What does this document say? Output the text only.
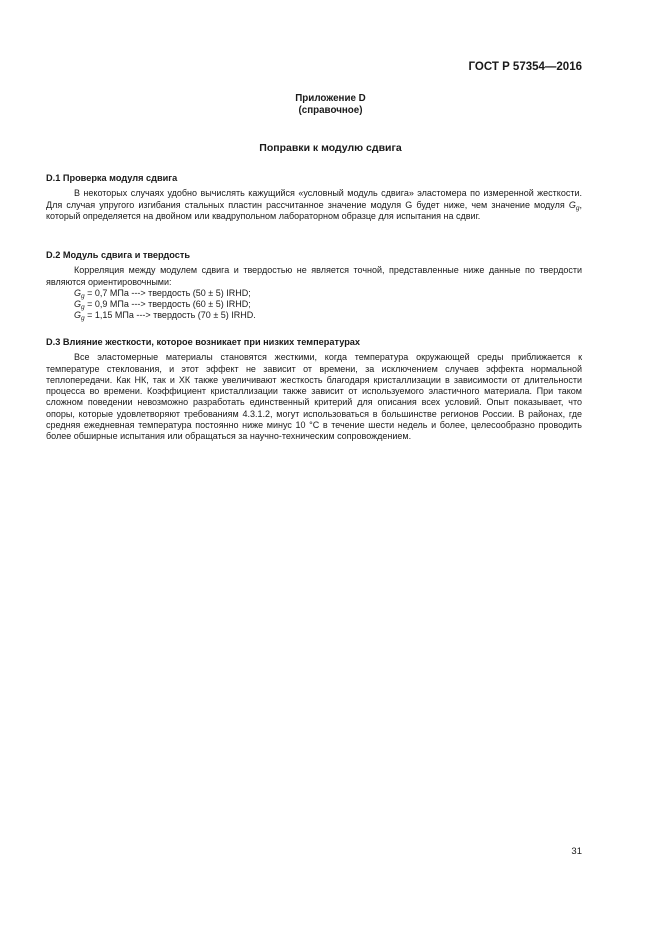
ГОСТ Р 57354—2016
Приложение D
(справочное)
Поправки к модулю сдвига

D.1 Проверка модуля сдвига

В некоторых случаях удобно вычислять кажущийся «условный модуль сдвига» эластомера по измеренной жесткости. Для случая упругого изгибания стальных пластин рассчитанное значение модуля G будет ниже, чем значение модуля $G_g$, который определяется на двойном или квадрупольном лабораторном образце для испытания на сдвиг.

D.2 Модуль сдвига и твердость

Корреляция между модулем сдвига и твердостью не является точной, представленные ниже данные по твердости являются ориентировочными:

$G_g = 0,7$ МПа ---> твердость (50 ± 5) IRHD;

$G_g = 0,9$ МПа ---> твердость (60 ± 5) IRHD;

$G_g = 1,15$ МПа ---> твердость (70 ± 5) IRHD.

D.3 Влияние жесткости, которое возникает при низких температурах

Все эластомерные материалы становятся жесткими, когда температура окружающей среды приближается к температуре стеклования, и этот эффект не зависит от времени, за исключением случаев эффекта нормальной теплопередачи. Как НК, так и ХК также увеличивают жесткость благодаря кристаллизации в зависимости от длительности процесса во времени. Коэффициент кристаллизации также зависит от используемого эластичного материала. При таком сложном поведении невозможно разработать единственный критерий для описания всех условий. Опыт показывает, что опоры, которые удовлетворяют требованиям 4.3.1.2, могут использоваться в большинстве регионов России. В районах, где средняя ежедневная температура постоянно ниже минус 10 °С в течение шести недель и более, целесообразно проводить более обширные испытания или обращаться за научно-техническим сопровождением.

31
